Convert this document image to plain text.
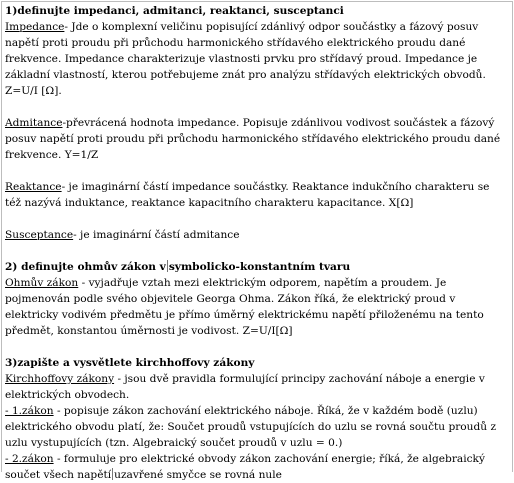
1)definujte impedanci, admitanci, reaktanci, susceptanci

Impedance- Jde o komplexní veličinu popisující zdánlivý odpor součástky a fázový posuv napětí proti proudu při průchodu harmonického střídavého elektrického proudu dané frekvence. Impedance charakterizuje vlastnosti prvku pro střídavý proud. Impedance je základní vlastností, kterou potřebujeme znát pro analýzu střídavých elektrických obvodů. Z=U/I [Ω].

Admitance-převrácená hodnota impedance. Popisuje zdánlivou vodivost součástek a fázový posuv napětí proti proudu při průchodu harmonického střídavého elektrického proudu dané frekvence. Y=1/Z

Reaktance- je imaginární částí impedance součástky. Reaktance indukčního charakteru se též nazývá induktance, reaktance kapacitního charakteru kapacitance. X[Ω]

Susceptance- je imaginární částí admitance

2) definujte ohmův zákon v symbolicko-konstantním tvaru

Ohmův zákon - vyjadřuje vztah mezi elektrickým odporem, napětím a proudem. Je pojmenován podle svého objevitele Georga Ohma. Zákon říká, že elektrický proud v elektricky vodivém předmětu je přímo úměrný elektrickému napětí přiloženému na tento předmět, konstantou úměrnosti je vodivost. Z=U/I[Ω]

3)zapište a vysvětlete kirchhoffovy zákony

Kirchhoffovy zákony - jsou dvě pravidla formulující principy zachování náboje a energie v elektrických obvodech.

- 1.zákon - popisuje zákon zachování elektrického náboje. Říká, že v každém bodě (uzlu) elektrického obvodu platí, že: Součet proudů vstupujících do uzlu se rovná součtu proudů z uzlu vystupujících (tzn. Algebraický součet proudů v uzlu = 0.)

- 2.zákon - formuluje pro elektrické obvody zákon zachování energie; říká, že algebraický součet všech napětí uzavřené smyčce se rovná nule
